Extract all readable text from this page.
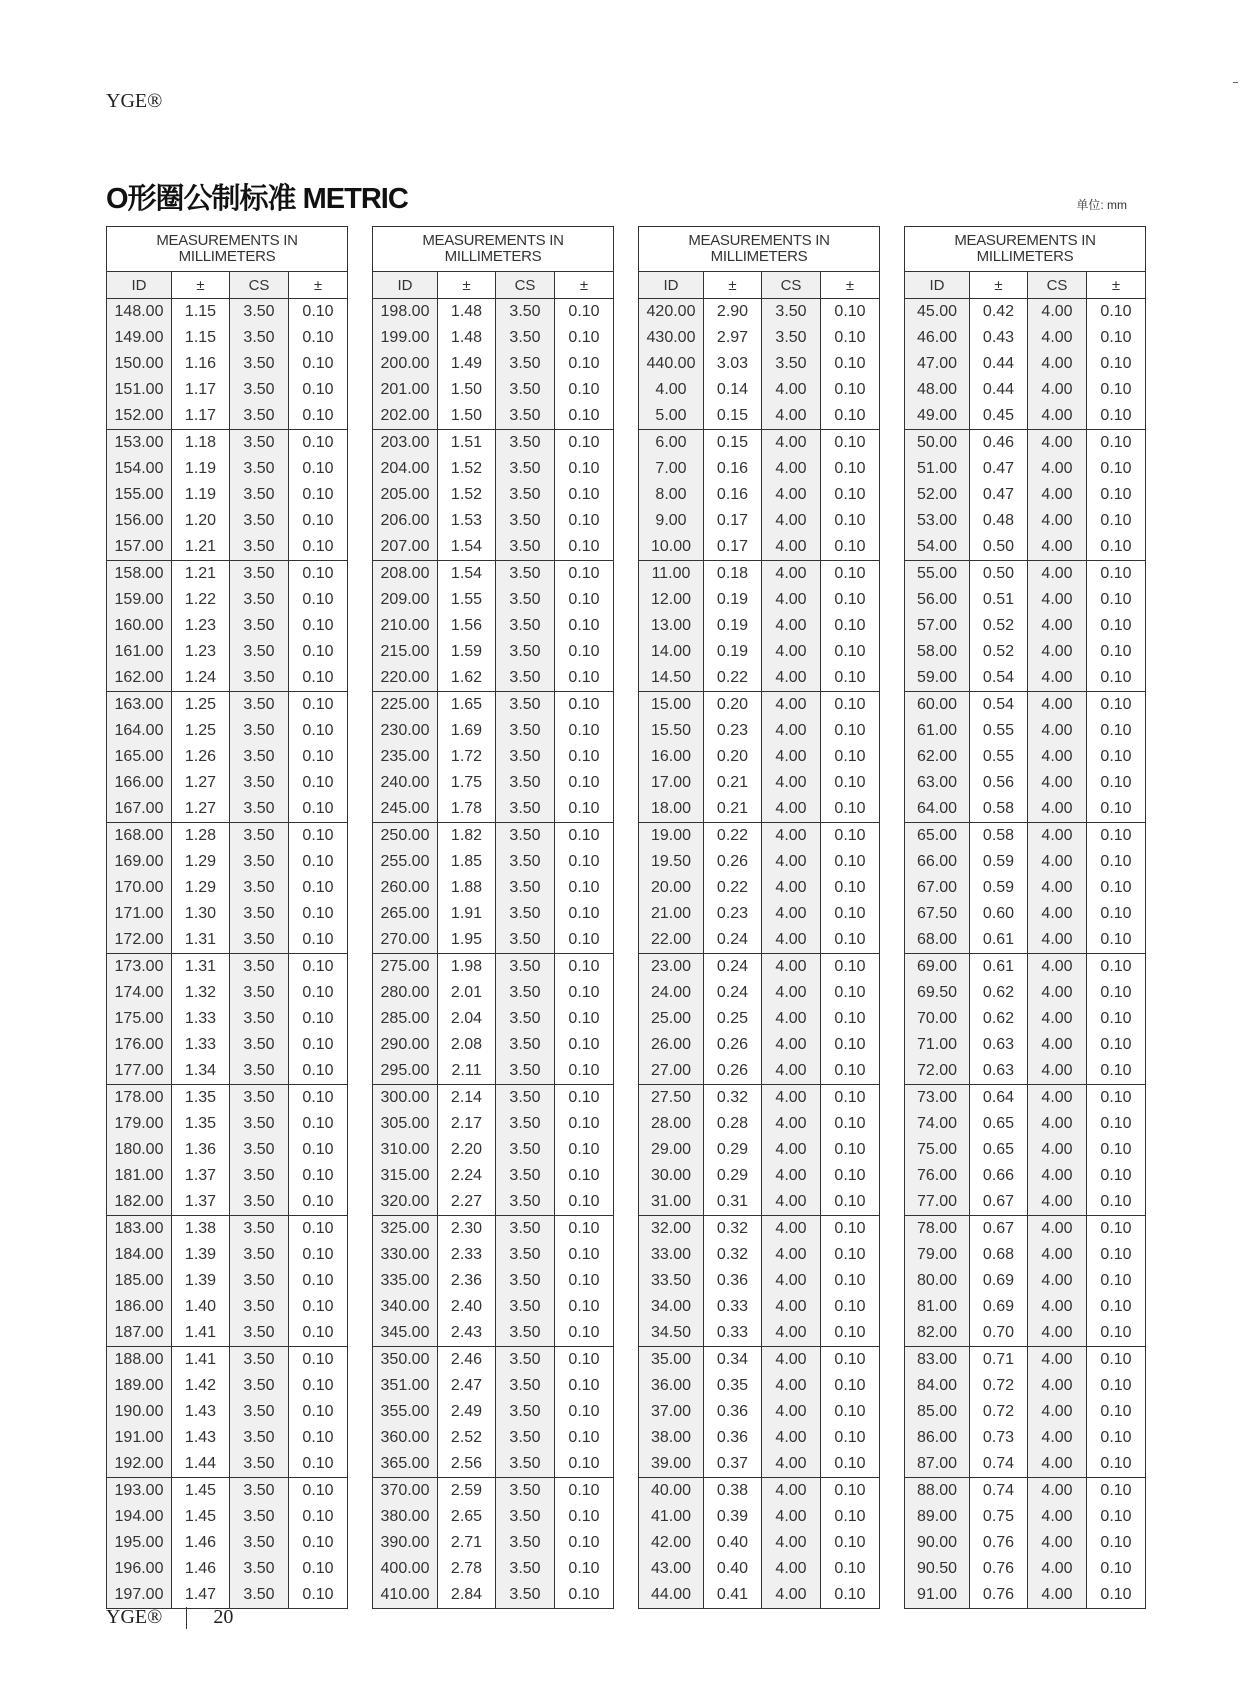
YGE®
O形圈公制标准 METRIC	单位: mm
MEASUREMENTS IN
MILLIMETERS
ID	±	CS	±
148.00	1.15	3.50	0.10
149.00	1.15	3.50	0.10
150.00	1.16	3.50	0.10
151.00	1.17	3.50	0.10
152.00	1.17	3.50	0.10
153.00	1.18	3.50	0.10
154.00	1.19	3.50	0.10
155.00	1.19	3.50	0.10
156.00	1.20	3.50	0.10
157.00	1.21	3.50	0.10
158.00	1.21	3.50	0.10
159.00	1.22	3.50	0.10
160.00	1.23	3.50	0.10
161.00	1.23	3.50	0.10
162.00	1.24	3.50	0.10
163.00	1.25	3.50	0.10
164.00	1.25	3.50	0.10
165.00	1.26	3.50	0.10
166.00	1.27	3.50	0.10
167.00	1.27	3.50	0.10
168.00	1.28	3.50	0.10
169.00	1.29	3.50	0.10
170.00	1.29	3.50	0.10
171.00	1.30	3.50	0.10
172.00	1.31	3.50	0.10
173.00	1.31	3.50	0.10
174.00	1.32	3.50	0.10
175.00	1.33	3.50	0.10
176.00	1.33	3.50	0.10
177.00	1.34	3.50	0.10
178.00	1.35	3.50	0.10
179.00	1.35	3.50	0.10
180.00	1.36	3.50	0.10
181.00	1.37	3.50	0.10
182.00	1.37	3.50	0.10
183.00	1.38	3.50	0.10
184.00	1.39	3.50	0.10
185.00	1.39	3.50	0.10
186.00	1.40	3.50	0.10
187.00	1.41	3.50	0.10
188.00	1.41	3.50	0.10
189.00	1.42	3.50	0.10
190.00	1.43	3.50	0.10
191.00	1.43	3.50	0.10
192.00	1.44	3.50	0.10
193.00	1.45	3.50	0.10
194.00	1.45	3.50	0.10
195.00	1.46	3.50	0.10
196.00	1.46	3.50	0.10
197.00	1.47	3.50	0.10
MEASUREMENTS IN
MILLIMETERS
ID	±	CS	±
198.00	1.48	3.50	0.10
199.00	1.48	3.50	0.10
200.00	1.49	3.50	0.10
201.00	1.50	3.50	0.10
202.00	1.50	3.50	0.10
203.00	1.51	3.50	0.10
204.00	1.52	3.50	0.10
205.00	1.52	3.50	0.10
206.00	1.53	3.50	0.10
207.00	1.54	3.50	0.10
208.00	1.54	3.50	0.10
209.00	1.55	3.50	0.10
210.00	1.56	3.50	0.10
215.00	1.59	3.50	0.10
220.00	1.62	3.50	0.10
225.00	1.65	3.50	0.10
230.00	1.69	3.50	0.10
235.00	1.72	3.50	0.10
240.00	1.75	3.50	0.10
245.00	1.78	3.50	0.10
250.00	1.82	3.50	0.10
255.00	1.85	3.50	0.10
260.00	1.88	3.50	0.10
265.00	1.91	3.50	0.10
270.00	1.95	3.50	0.10
275.00	1.98	3.50	0.10
280.00	2.01	3.50	0.10
285.00	2.04	3.50	0.10
290.00	2.08	3.50	0.10
295.00	2.11	3.50	0.10
300.00	2.14	3.50	0.10
305.00	2.17	3.50	0.10
310.00	2.20	3.50	0.10
315.00	2.24	3.50	0.10
320.00	2.27	3.50	0.10
325.00	2.30	3.50	0.10
330.00	2.33	3.50	0.10
335.00	2.36	3.50	0.10
340.00	2.40	3.50	0.10
345.00	2.43	3.50	0.10
350.00	2.46	3.50	0.10
351.00	2.47	3.50	0.10
355.00	2.49	3.50	0.10
360.00	2.52	3.50	0.10
365.00	2.56	3.50	0.10
370.00	2.59	3.50	0.10
380.00	2.65	3.50	0.10
390.00	2.71	3.50	0.10
400.00	2.78	3.50	0.10
410.00	2.84	3.50	0.10
MEASUREMENTS IN
MILLIMETERS
ID	±	CS	±
420.00	2.90	3.50	0.10
430.00	2.97	3.50	0.10
440.00	3.03	3.50	0.10
4.00	0.14	4.00	0.10
5.00	0.15	4.00	0.10
6.00	0.15	4.00	0.10
7.00	0.16	4.00	0.10
8.00	0.16	4.00	0.10
9.00	0.17	4.00	0.10
10.00	0.17	4.00	0.10
11.00	0.18	4.00	0.10
12.00	0.19	4.00	0.10
13.00	0.19	4.00	0.10
14.00	0.19	4.00	0.10
14.50	0.22	4.00	0.10
15.00	0.20	4.00	0.10
15.50	0.23	4.00	0.10
16.00	0.20	4.00	0.10
17.00	0.21	4.00	0.10
18.00	0.21	4.00	0.10
19.00	0.22	4.00	0.10
19.50	0.26	4.00	0.10
20.00	0.22	4.00	0.10
21.00	0.23	4.00	0.10
22.00	0.24	4.00	0.10
23.00	0.24	4.00	0.10
24.00	0.24	4.00	0.10
25.00	0.25	4.00	0.10
26.00	0.26	4.00	0.10
27.00	0.26	4.00	0.10
27.50	0.32	4.00	0.10
28.00	0.28	4.00	0.10
29.00	0.29	4.00	0.10
30.00	0.29	4.00	0.10
31.00	0.31	4.00	0.10
32.00	0.32	4.00	0.10
33.00	0.32	4.00	0.10
33.50	0.36	4.00	0.10
34.00	0.33	4.00	0.10
34.50	0.33	4.00	0.10
35.00	0.34	4.00	0.10
36.00	0.35	4.00	0.10
37.00	0.36	4.00	0.10
38.00	0.36	4.00	0.10
39.00	0.37	4.00	0.10
40.00	0.38	4.00	0.10
41.00	0.39	4.00	0.10
42.00	0.40	4.00	0.10
43.00	0.40	4.00	0.10
44.00	0.41	4.00	0.10
MEASUREMENTS IN
MILLIMETERS
ID	±	CS	±
45.00	0.42	4.00	0.10
46.00	0.43	4.00	0.10
47.00	0.44	4.00	0.10
48.00	0.44	4.00	0.10
49.00	0.45	4.00	0.10
50.00	0.46	4.00	0.10
51.00	0.47	4.00	0.10
52.00	0.47	4.00	0.10
53.00	0.48	4.00	0.10
54.00	0.50	4.00	0.10
55.00	0.50	4.00	0.10
56.00	0.51	4.00	0.10
57.00	0.52	4.00	0.10
58.00	0.52	4.00	0.10
59.00	0.54	4.00	0.10
60.00	0.54	4.00	0.10
61.00	0.55	4.00	0.10
62.00	0.55	4.00	0.10
63.00	0.56	4.00	0.10
64.00	0.58	4.00	0.10
65.00	0.58	4.00	0.10
66.00	0.59	4.00	0.10
67.00	0.59	4.00	0.10
67.50	0.60	4.00	0.10
68.00	0.61	4.00	0.10
69.00	0.61	4.00	0.10
69.50	0.62	4.00	0.10
70.00	0.62	4.00	0.10
71.00	0.63	4.00	0.10
72.00	0.63	4.00	0.10
73.00	0.64	4.00	0.10
74.00	0.65	4.00	0.10
75.00	0.65	4.00	0.10
76.00	0.66	4.00	0.10
77.00	0.67	4.00	0.10
78.00	0.67	4.00	0.10
79.00	0.68	4.00	0.10
80.00	0.69	4.00	0.10
81.00	0.69	4.00	0.10
82.00	0.70	4.00	0.10
83.00	0.71	4.00	0.10
84.00	0.72	4.00	0.10
85.00	0.72	4.00	0.10
86.00	0.73	4.00	0.10
87.00	0.74	4.00	0.10
88.00	0.74	4.00	0.10
89.00	0.75	4.00	0.10
90.00	0.76	4.00	0.10
90.50	0.76	4.00	0.10
91.00	0.76	4.00	0.10
YGE®	20
